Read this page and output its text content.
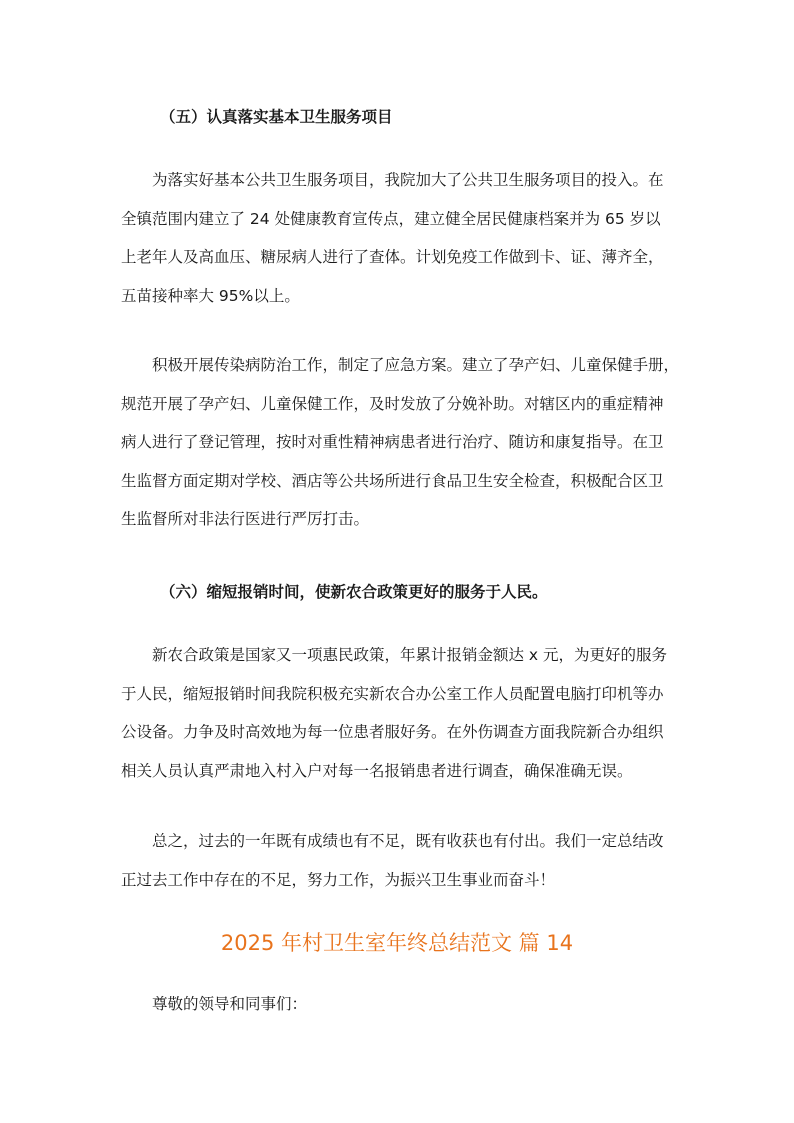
（五）认真落实基本卫生服务项目
为落实好基本公共卫生服务项目，我院加大了公共卫生服务项目的投入。在
全镇范围内建立了 24 处健康教育宣传点，建立健全居民健康档案并为 65 岁以
上老年人及高血压、糖尿病人进行了查体。计划免疫工作做到卡、证、薄齐全，
五苗接种率大 95%以上。
积极开展传染病防治工作，制定了应急方案。建立了孕产妇、儿童保健手册，
规范开展了孕产妇、儿童保健工作，及时发放了分娩补助。对辖区内的重症精神
病人进行了登记管理，按时对重性精神病患者进行治疗、随访和康复指导。在卫
生监督方面定期对学校、酒店等公共场所进行食品卫生安全检查，积极配合区卫
生监督所对非法行医进行严厉打击。
（六）缩短报销时间，使新农合政策更好的服务于人民。
新农合政策是国家又一项惠民政策，年累计报销金额达 x 元，为更好的服务
于人民，缩短报销时间我院积极充实新农合办公室工作人员配置电脑打印机等办
公设备。力争及时高效地为每一位患者服好务。在外伤调查方面我院新合办组织
相关人员认真严肃地入村入户对每一名报销患者进行调查，确保准确无误。
总之，过去的一年既有成绩也有不足，既有收获也有付出。我们一定总结改
正过去工作中存在的不足，努力工作，为振兴卫生事业而奋斗！
2025 年村卫生室年终总结范文 篇 14
尊敬的领导和同事们：
